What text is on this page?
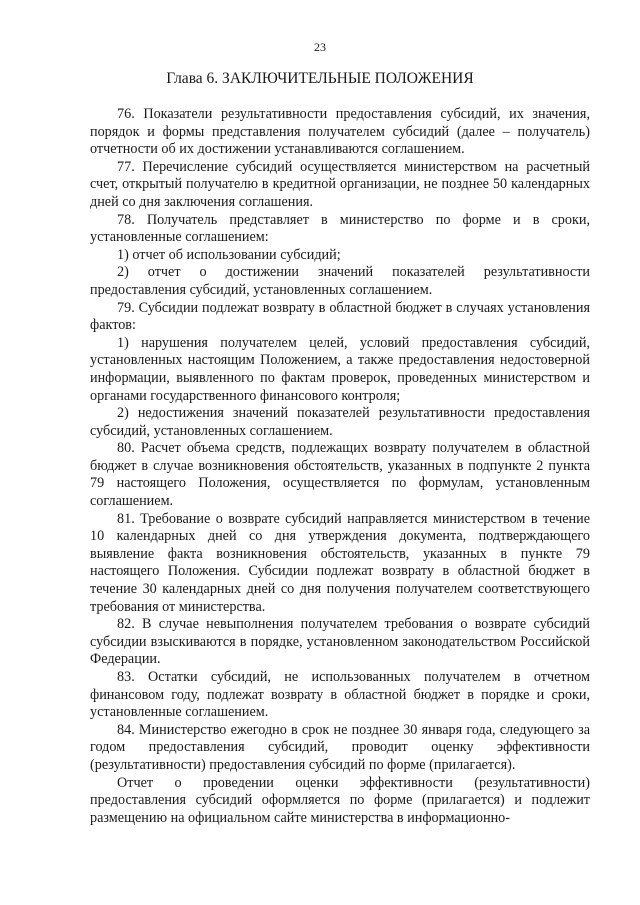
23
Глава 6. ЗАКЛЮЧИТЕЛЬНЫЕ ПОЛОЖЕНИЯ

76. Показатели результативности предоставления субсидий, их значения, порядок и формы представления получателем субсидий (далее – получатель) отчетности об их достижении устанавливаются соглашением.

77. Перечисление субсидий осуществляется министерством на расчетный счет, открытый получателю в кредитной организации, не позднее 50 календарных дней со дня заключения соглашения.

78. Получатель представляет в министерство по форме и в сроки, установленные соглашением:

1) отчет об использовании субсидий;

2) отчет о достижении значений показателей результативности предоставления субсидий, установленных соглашением.

79. Субсидии подлежат возврату в областной бюджет в случаях установления фактов:

1) нарушения получателем целей, условий предоставления субсидий, установленных настоящим Положением, а также предоставления недостоверной информации, выявленного по фактам проверок, проведенных министерством и органами государственного финансового контроля;

2) недостижения значений показателей результативности предоставления субсидий, установленных соглашением.

80. Расчет объема средств, подлежащих возврату получателем в областной бюджет в случае возникновения обстоятельств, указанных в подпункте 2 пункта 79 настоящего Положения, осуществляется по формулам, установленным соглашением.

81. Требование о возврате субсидий направляется министерством в течение 10 календарных дней со дня утверждения документа, подтверждающего выявление факта возникновения обстоятельств, указанных в пункте 79 настоящего Положения. Субсидии подлежат возврату в областной бюджет в течение 30 календарных дней со дня получения получателем соответствующего требования от министерства.

82. В случае невыполнения получателем требования о возврате субсидий субсидии взыскиваются в порядке, установленном законодательством Российской Федерации.

83. Остатки субсидий, не использованных получателем в отчетном финансовом году, подлежат возврату в областной бюджет в порядке и сроки, установленные соглашением.

84. Министерство ежегодно в срок не позднее 30 января года, следующего за годом предоставления субсидий, проводит оценку эффективности (результативности) предоставления субсидий по форме (прилагается).

Отчет о проведении оценки эффективности (результативности) предоставления субсидий оформляется по форме (прилагается) и подлежит размещению на официальном сайте министерства в информационно-
